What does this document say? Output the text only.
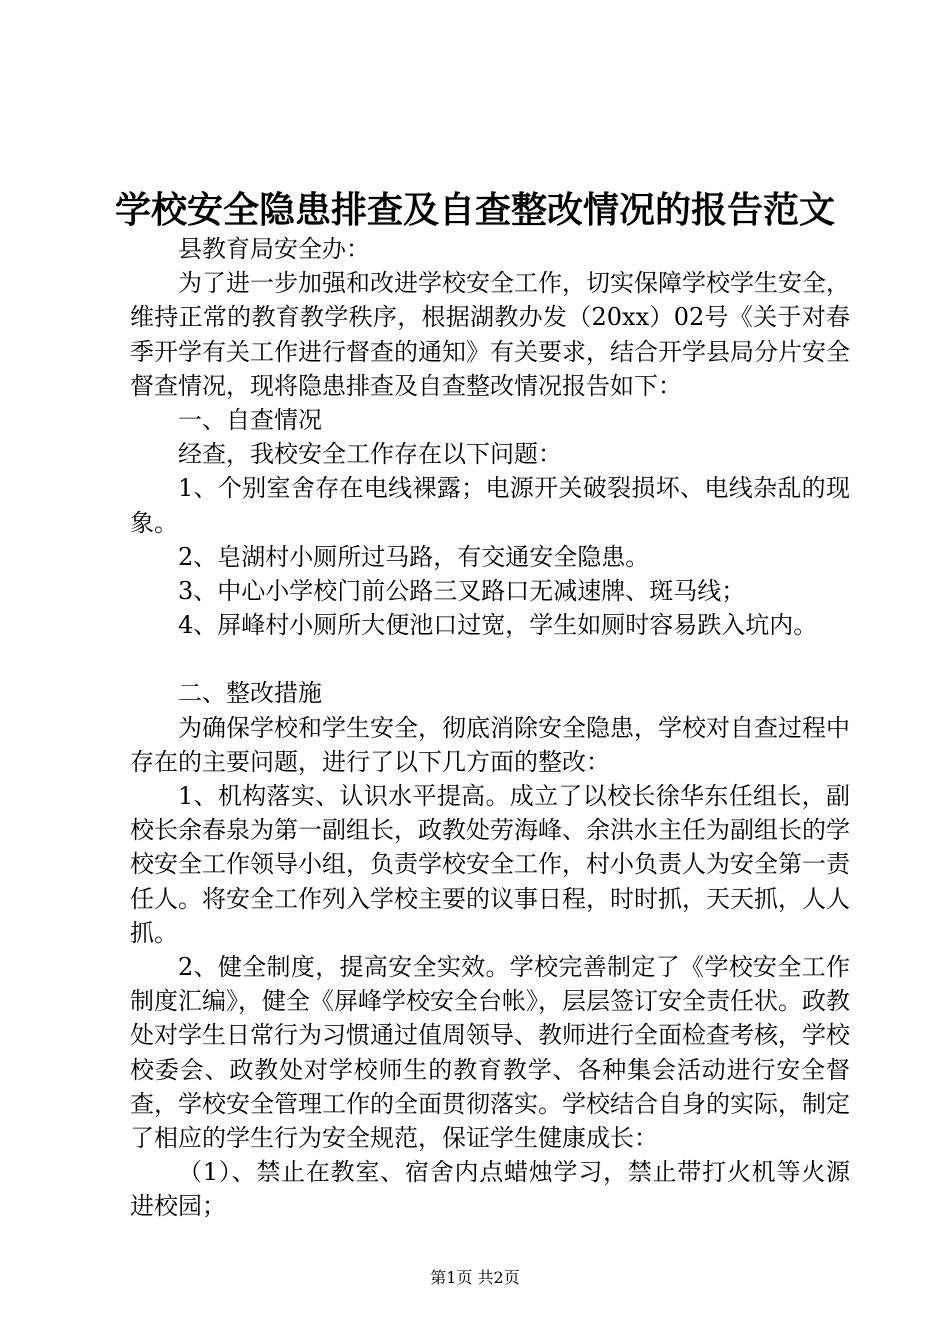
学校安全隐患排查及自查整改情况的报告范文

县教育局安全办：

为了进一步加强和改进学校安全工作，切实保障学校学生安全，维持正常的教育教学秩序，根据湖教办发（20xx）02号《关于对春季开学有关工作进行督查的通知》有关要求，结合开学县局分片安全督查情况，现将隐患排查及自查整改情况报告如下：

一、自查情况

经查，我校安全工作存在以下问题：

1、个别室舍存在电线裸露；电源开关破裂损坏、电线杂乱的现象。

2、皂湖村小厕所过马路，有交通安全隐患。

3、中心小学校门前公路三叉路口无减速牌、斑马线；

4、屏峰村小厕所大便池口过宽，学生如厕时容易跌入坑内。

二、整改措施

为确保学校和学生安全，彻底消除安全隐患，学校对自查过程中存在的主要问题，进行了以下几方面的整改：

1、机构落实、认识水平提高。成立了以校长徐华东任组长，副校长余春泉为第一副组长，政教处劳海峰、余洪水主任为副组长的学校安全工作领导小组，负责学校安全工作，村小负责人为安全第一责任人。将安全工作列入学校主要的议事日程，时时抓，天天抓，人人抓。

2、健全制度，提高安全实效。学校完善制定了《学校安全工作制度汇编》，健全《屏峰学校安全台帐》，层层签订安全责任状。政教处对学生日常行为习惯通过值周领导、教师进行全面检查考核，学校校委会、政教处对学校师生的教育教学、各种集会活动进行安全督查，学校安全管理工作的全面贯彻落实。学校结合自身的实际，制定了相应的学生行为安全规范，保证学生健康成长：

（1）、禁止在教室、宿舍内点蜡烛学习，禁止带打火机等火源进校园；

第1页 共2页
